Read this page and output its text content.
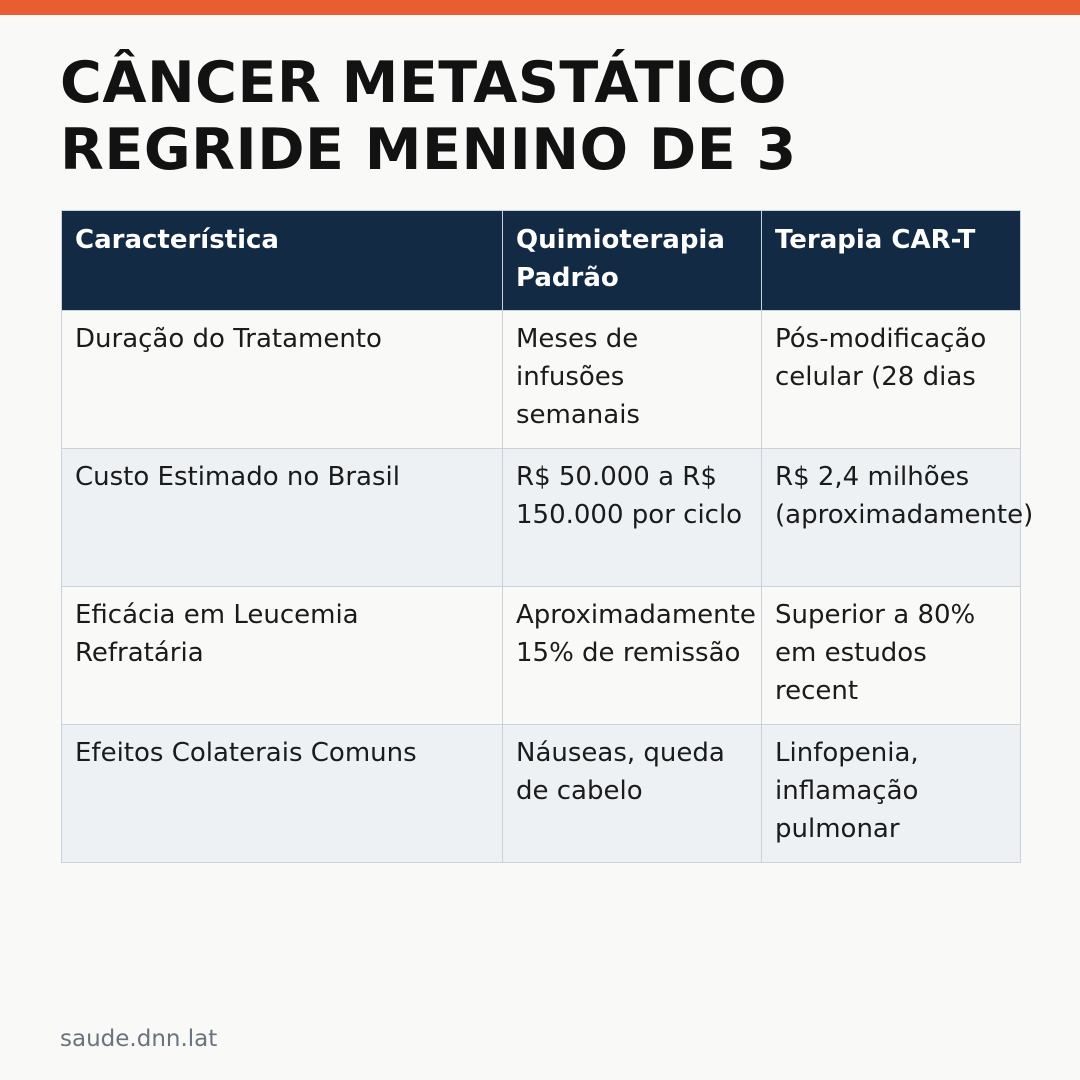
CÂNCER METASTÁTICO
REGRIDE MENINO DE 3
Característica	Quimioterapia Padrão	Terapia CAR-T
Duração do Tratamento	Meses de infusões semanais	Pós-modificação celular (28 dias
Custo Estimado no Brasil	R$ 50.000 a R$ 150.000 por ciclo	R$ 2,4 milhões (aproximadamente)
Eficácia em Leucemia Refratária	Aproximadamente 15% de remissão	Superior a 80% em estudos recent
Efeitos Colaterais Comuns	Náuseas, queda de cabelo	Linfopenia, inflamação pulmonar
saude.dnn.lat
